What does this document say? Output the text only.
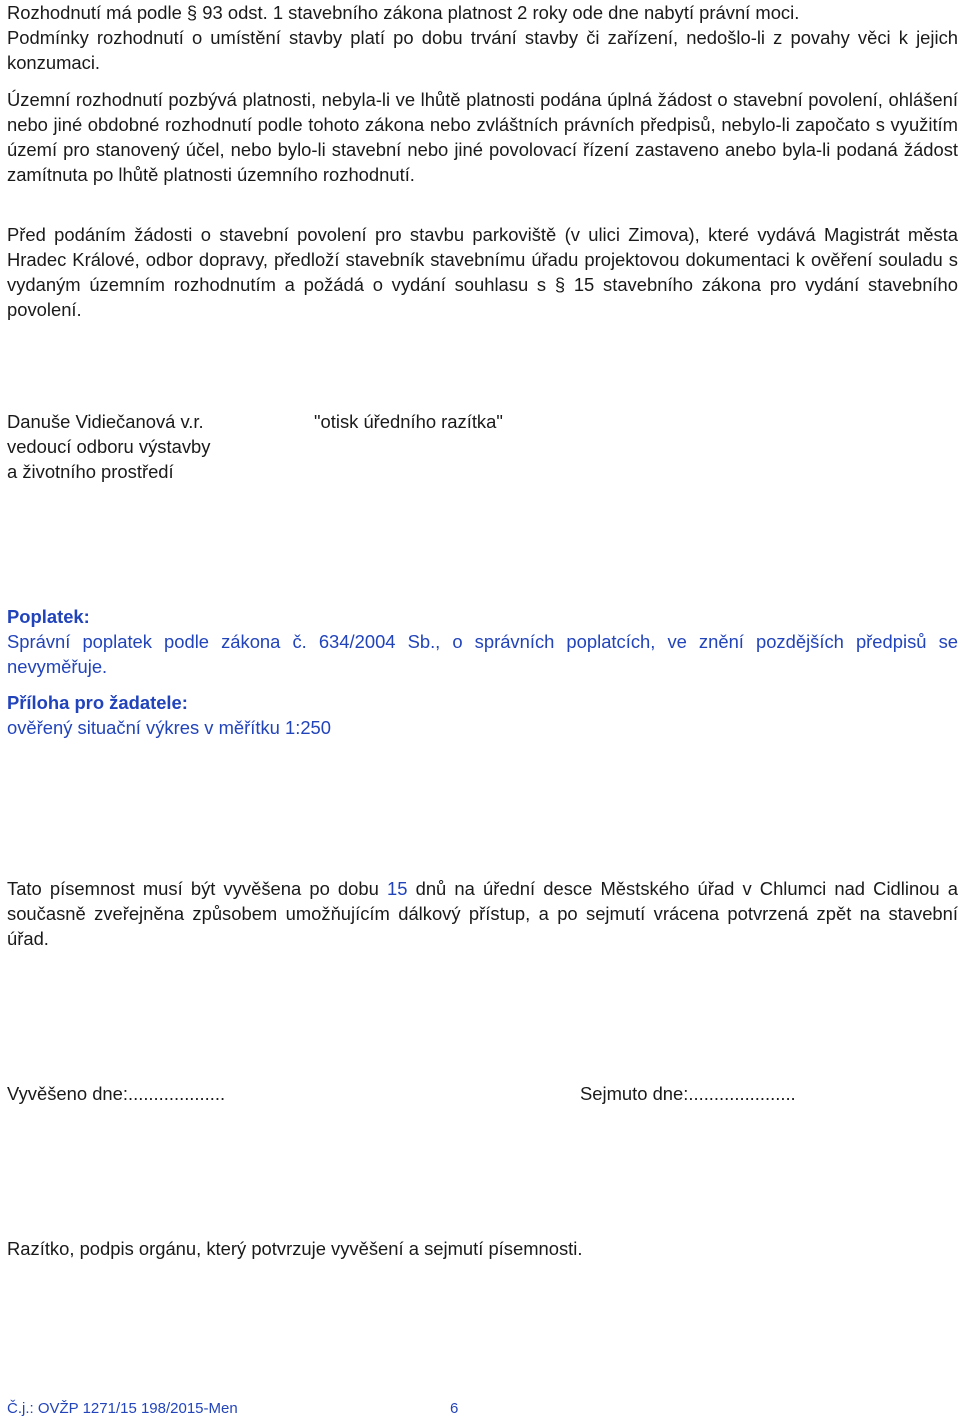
Rozhodnutí má podle § 93 odst. 1 stavebního zákona platnost 2 roky ode dne nabytí právní moci.

Podmínky rozhodnutí o umístění stavby platí po dobu trvání stavby či zařízení, nedošlo-li z povahy věci k jejich konzumaci.

Územní rozhodnutí pozbývá platnosti, nebyla-li ve lhůtě platnosti podána úplná žádost o stavební povolení, ohlášení nebo jiné obdobné rozhodnutí podle tohoto zákona nebo zvláštních právních předpisů, nebylo-li započato s využitím území pro stanovený účel, nebo bylo-li stavební nebo jiné povolovací řízení zastaveno anebo byla-li podaná žádost zamítnuta po lhůtě platnosti územního rozhodnutí.

Před podáním žádosti o stavební povolení pro stavbu parkoviště (v ulici Zimova), které vydává Magistrát města Hradec Králové, odbor dopravy, předloží stavebník stavebnímu úřadu projektovou dokumentaci k ověření souladu s vydaným územním rozhodnutím a požádá o vydání souhlasu s § 15 stavebního zákona pro vydání stavebního povolení.

Danuše Vidiečanová v.r.
vedoucí odboru výstavby
a životního prostředí
"otisk úředního razítka"

Poplatek:

Správní poplatek podle zákona č. 634/2004 Sb., o správních poplatcích, ve znění pozdějších předpisů se nevyměřuje.

Příloha pro žadatele:

ověřený situační výkres v měřítku 1:250

Tato písemnost musí být vyvěšena po dobu 15 dnů na úřední desce Městského úřad v Chlumci nad Cidlinou a současně zveřejněna způsobem umožňujícím dálkový přístup, a po sejmutí vrácena potvrzená zpět na stavební úřad.

Vyvěšeno dne:...................	Sejmuto dne:.....................
Razítko, podpis orgánu, který potvrzuje vyvěšení a sejmutí písemnosti.
Č.j.: OVŽP 1271/15 198/2015-Men	6
